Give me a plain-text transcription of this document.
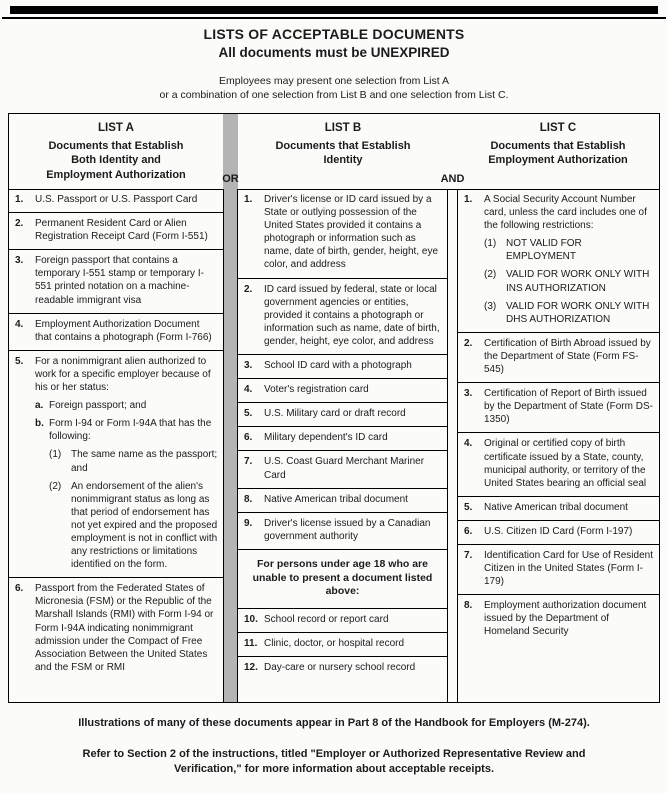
LISTS OF ACCEPTABLE DOCUMENTS
All documents must be UNEXPIRED
Employees may present one selection from List A
or a combination of one selection from List B and one selection from List C.
LIST A
Documents that Establish
Both Identity and
Employment Authorization
1.	U.S. Passport or U.S. Passport Card
2.	Permanent Resident Card or Alien Registration Receipt Card (Form I-551)
3.	Foreign passport that contains a temporary I-551 stamp or temporary I-551 printed notation on a machine-readable immigrant visa
4.	Employment Authorization Document that contains a photograph (Form I-766)
5.	For a nonimmigrant alien authorized to work for a specific employer because of his or her status:
a. Foreign passport; and
b. Form I-94 or Form I-94A that has the following:
(1) The same name as the passport; and
(2) An endorsement of the alien's nonimmigrant status as long as that period of endorsement has not yet expired and the proposed employment is not in conflict with any restrictions or limitations identified on the form.
6.	Passport from the Federated States of Micronesia (FSM) or the Republic of the Marshall Islands (RMI) with Form I-94 or Form I-94A indicating nonimmigrant admission under the Compact of Free Association Between the United States and the FSM or RMI
OR
LIST B
Documents that Establish
Identity
1.	Driver's license or ID card issued by a State or outlying possession of the United States provided it contains a photograph or information such as name, date of birth, gender, height, eye color, and address
2.	ID card issued by federal, state or local government agencies or entities, provided it contains a photograph or information such as name, date of birth, gender, height, eye color, and address
3.	School ID card with a photograph
4.	Voter's registration card
5.	U.S. Military card or draft record
6.	Military dependent's ID card
7.	U.S. Coast Guard Merchant Mariner Card
8.	Native American tribal document
9.	Driver's license issued by a Canadian government authority
For persons under age 18 who are unable to present a document listed above:
10. School record or report card
11. Clinic, doctor, or hospital record
12. Day-care or nursery school record
AND
LIST C
Documents that Establish
Employment Authorization
1.	A Social Security Account Number card, unless the card includes one of the following restrictions:
(1) NOT VALID FOR EMPLOYMENT
(2) VALID FOR WORK ONLY WITH INS AUTHORIZATION
(3) VALID FOR WORK ONLY WITH DHS AUTHORIZATION
2.	Certification of Birth Abroad issued by the Department of State (Form FS-545)
3.	Certification of Report of Birth issued by the Department of State (Form DS-1350)
4.	Original or certified copy of birth certificate issued by a State, county, municipal authority, or territory of the United States bearing an official seal
5.	Native American tribal document
6.	U.S. Citizen ID Card (Form I-197)
7.	Identification Card for Use of Resident Citizen in the United States (Form I-179)
8.	Employment authorization document issued by the Department of Homeland Security
Illustrations of many of these documents appear in Part 8 of the Handbook for Employers (M-274).
Refer to Section 2 of the instructions, titled "Employer or Authorized Representative Review and Verification," for more information about acceptable receipts.
